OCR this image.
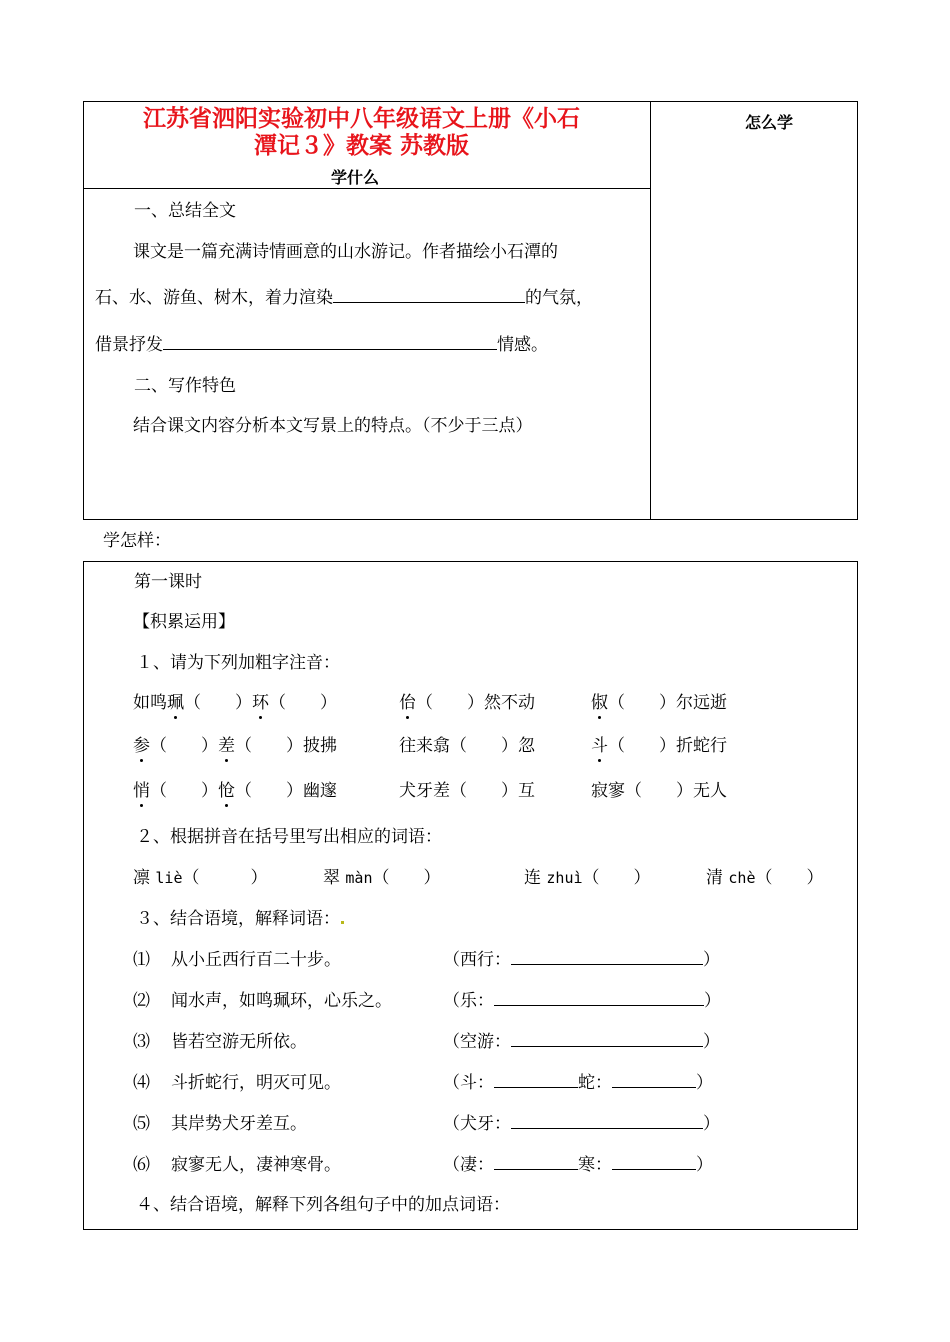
江苏省泗阳实验初中八年级语文上册《小石
潭记３》教案 苏教版
学什么
怎么学
一、总结全文
课文是一篇充满诗情画意的山水游记。作者描绘小石潭的
石、水、游鱼、树木，着力渲染	的气氛，
借景抒发	情感。
二、写作特色
结合课文内容分析本文写景上的特点。（不少于三点）
学怎样：
第一课时
【积累运用】
１、请为下列加粗字注音：
如鸣珮（　　）环（　　）	佁（　　）然不动	俶（　　）尔远逝
参（　　）差（　　）披拂	往来翕（　　）忽	斗（　　）折蛇行
悄（　　）怆（　　）幽邃	犬牙差（　　）互	寂寥（　　）无人
２、根据拼音在括号里写出相应的词语：
凛 liè（　　　）	翠 màn（　　）	连 zhuì（　　）	清 chè（　　）
３、结合语境，解释词语：
⑴ 从小丘西行百二十步。	（西行：	）
⑵ 闻水声，如鸣珮环，心乐之。	（乐：	）
⑶ 皆若空游无所依。	（空游：	）
⑷ 斗折蛇行，明灭可见。	（斗：	蛇：	）
⑸ 其岸势犬牙差互。	（犬牙：	）
⑹ 寂寥无人，凄神寒骨。	（凄：	寒：	）
４、结合语境，解释下列各组句子中的加点词语：
